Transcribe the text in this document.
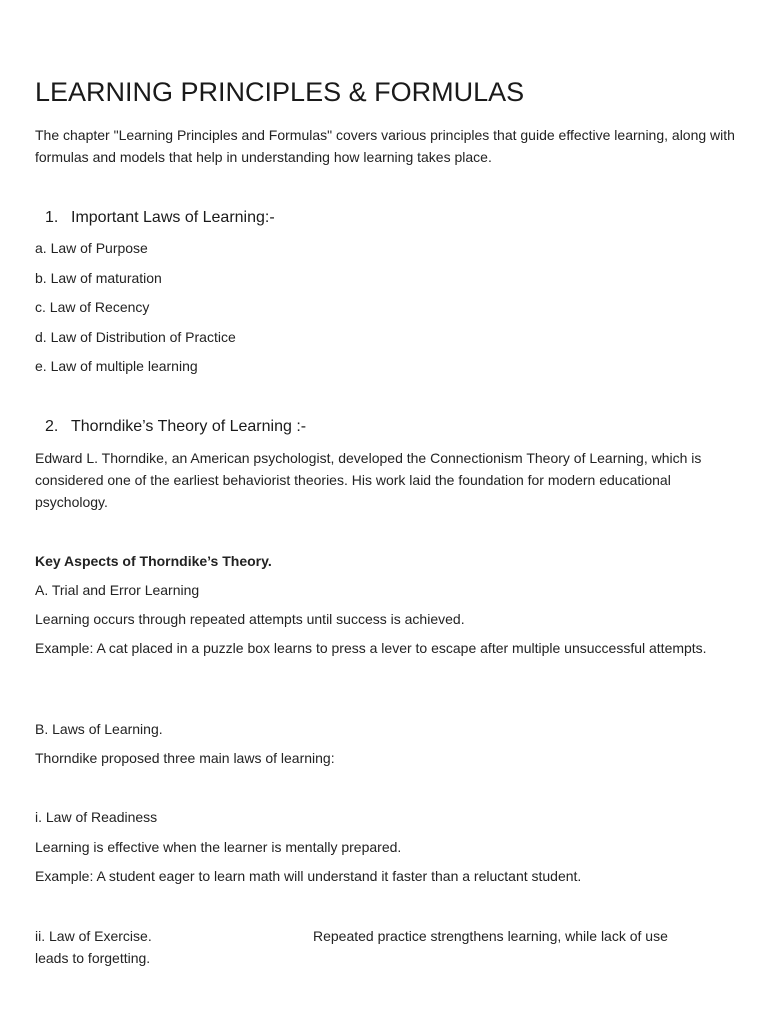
LEARNING PRINCIPLES & FORMULAS

The chapter "Learning Principles and Formulas" covers various principles that guide effective learning, along with formulas and models that help in understanding how learning takes place.

1. Important Laws of Learning:-
a. Law of Purpose
b. Law of maturation
c. Law of Recency
d. Law of Distribution of Practice
e. Law of multiple learning
2. Thorndike’s Theory of Learning :-

Edward L. Thorndike, an American psychologist, developed the Connectionism Theory of Learning, which is considered one of the earliest behaviorist theories. His work laid the foundation for modern educational psychology.

Key Aspects of Thorndike’s Theory.
A. Trial and Error Learning
Learning occurs through repeated attempts until success is achieved.

Example: A cat placed in a puzzle box learns to press a lever to escape after multiple unsuccessful attempts.

B. Laws of Learning.
Thorndike proposed three main laws of learning:
i. Law of Readiness
Learning is effective when the learner is mentally prepared.
Example: A student eager to learn math will understand it faster than a reluctant student.
ii. Law of Exercise.	Repeated practice strengthens learning, while lack of use
leads to forgetting.
